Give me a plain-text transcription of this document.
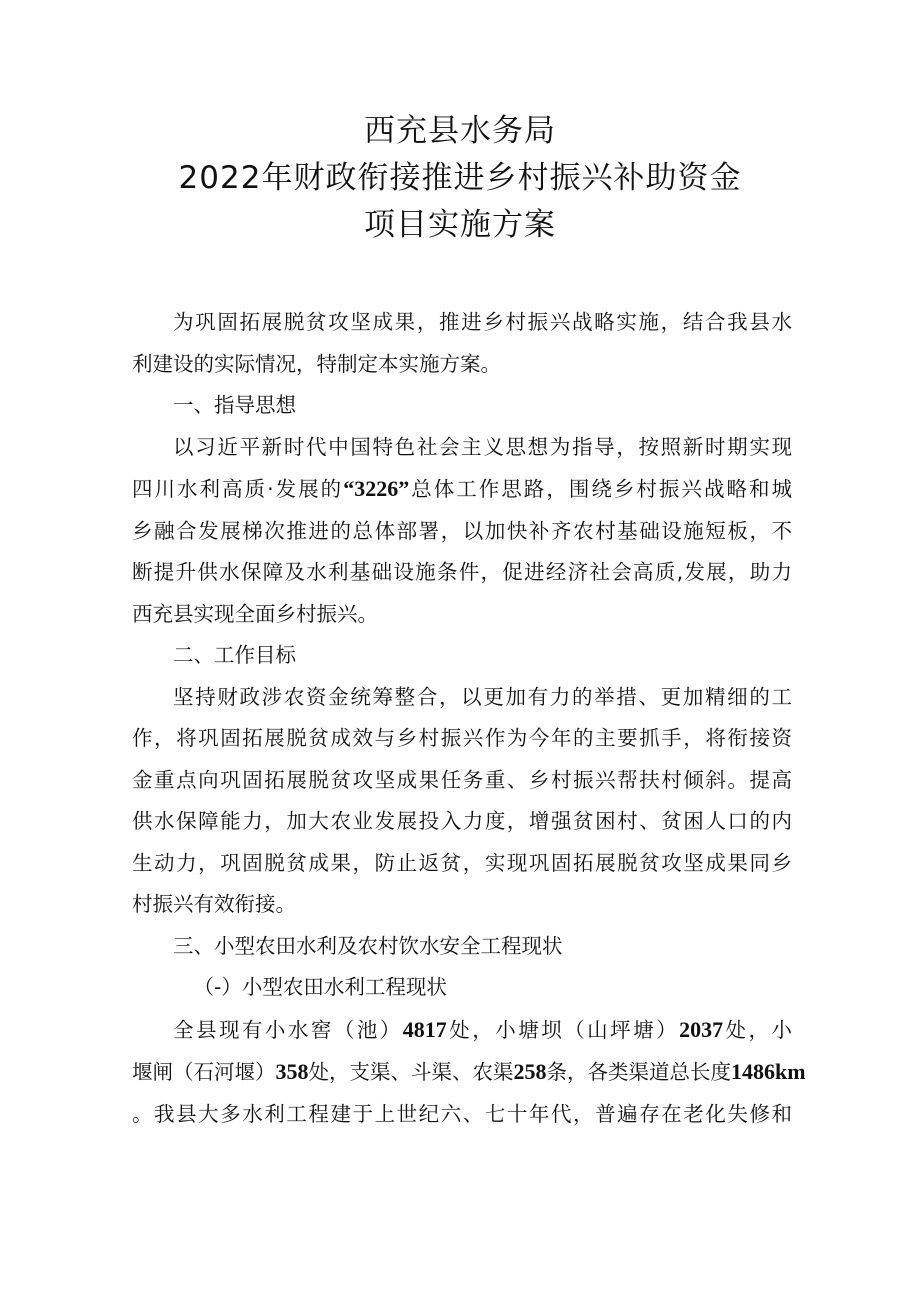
西充县水务局
2022年财政衔接推进乡村振兴补助资金
项目实施方案
为巩固拓展脱贫攻坚成果，推进乡村振兴战略实施，结合我县水
利建设的实际情况，特制定本实施方案。
一、指导思想
以习近平新时代中国特色社会主义思想为指导，按照新时期实现
四川水利高质·发展的“3226”总体工作思路，围绕乡村振兴战略和城
乡融合发展梯次推进的总体部署，以加快补齐农村基础设施短板，不
断提升供水保障及水利基础设施条件，促进经济社会高质,发展，助力
西充县实现全面乡村振兴。
二、工作目标
坚持财政涉农资金统筹整合，以更加有力的举措、更加精细的工
作，将巩固拓展脱贫成效与乡村振兴作为今年的主要抓手，将衔接资
金重点向巩固拓展脱贫攻坚成果任务重、乡村振兴帮扶村倾斜。提高
供水保障能力，加大农业发展投入力度，增强贫困村、贫困人口的内
生动力，巩固脱贫成果，防止返贫，实现巩固拓展脱贫攻坚成果同乡
村振兴有效衔接。
三、小型农田水利及农村饮水安全工程现状
（-）小型农田水利工程现状
全县现有小水窖（池）4817处，小塘坝（山坪塘）2037处，小
堰闸（石河堰）358处，支渠、斗渠、农渠258条，各类渠道总长度1486km
。我县大多水利工程建于上世纪六、七十年代，普遍存在老化失修和
